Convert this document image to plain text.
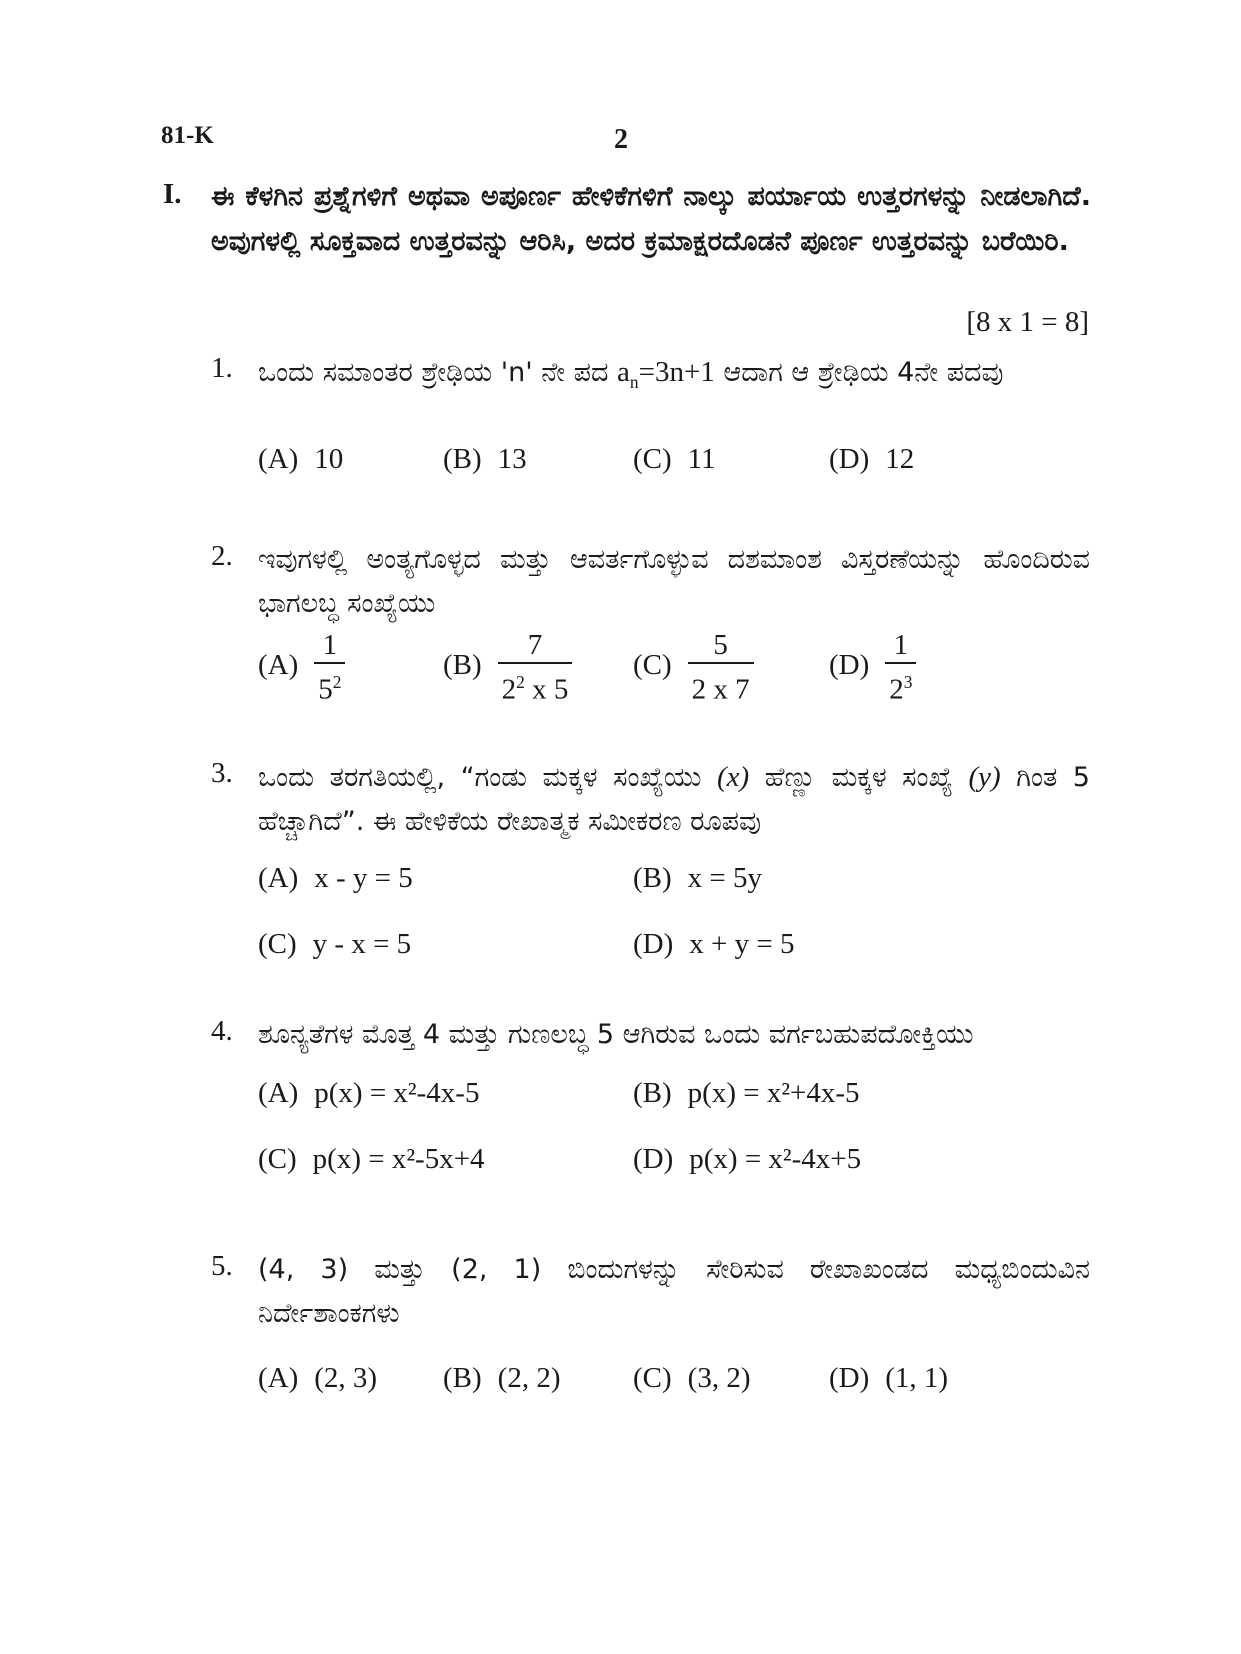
81-K	2
I. ಈ ಕೆಳಗಿನ ಪ್ರಶ್ನೆಗಳಿಗೆ ಅಥವಾ ಅಪೂರ್ಣ ಹೇಳಿಕೆಗಳಿಗೆ ನಾಲ್ಕು ಪರ್ಯಾಯ ಉತ್ತರಗಳನ್ನು ನೀಡಲಾಗಿದೆ. ಅವುಗಳಲ್ಲಿ ಸೂಕ್ತವಾದ ಉತ್ತರವನ್ನು ಆರಿಸಿ, ಅದರ ಕ್ರಮಾಕ್ಷರದೊಡನೆ ಪೂರ್ಣ ಉತ್ತರವನ್ನು ಬರೆಯಿರಿ.
[8 x 1 = 8]
1. ಒಂದು ಸಮಾಂತರ ಶ್ರೇಢಿಯ 'n' ನೇ ಪದ $a_n=3n+1$ ಆದಾಗ ಆ ಶ್ರೇಢಿಯ 4ನೇ ಪದವು
(A) 10	(B) 13	(C) 11	(D) 12
2. ಇವುಗಳಲ್ಲಿ ಅಂತ್ಯಗೊಳ್ಳದ ಮತ್ತು ಆವರ್ತಗೊಳ್ಳುವ ದಶಮಾಂಶ ವಿಸ್ತರಣೆಯನ್ನು ಹೊಂದಿರುವ ಭಾಗಲಬ್ಧ ಸಂಖ್ಯೆಯು
$(A) \frac{1}{5^2}$	$(B) \frac{7}{2^2 x 5} (C) \frac{5}{2 x 7}$	$(D) \frac{1}{2^3}$
3. ಒಂದು ತರಗತಿಯಲ್ಲಿ, “ಗಂಡು ಮಕ್ಕಳ ಸಂಖ್ಯೆಯು (x) ಹೆಣ್ಣು ಮಕ್ಕಳ ಸಂಖ್ಯೆ (y) ಗಿಂತ 5 ಹೆಚ್ಚಾಗಿದೆ”. ಈ ಹೇಳಿಕೆಯ ರೇಖಾತ್ಮಕ ಸಮೀಕರಣ ರೂಪವು
(A) x - y = 5	(B) x = 5y
(C) y - x = 5	(D) x + y = 5
4. ಶೂನ್ಯತೆಗಳ ಮೊತ್ತ 4 ಮತ್ತು ಗುಣಲಬ್ಧ 5 ಆಗಿರುವ ಒಂದು ವರ್ಗಬಹುಪದೋಕ್ತಿಯು
(A) p(x) = x²-4x-5	(B) p(x) = x²+4x-5
(C) p(x) = x²-5x+4	(D) p(x) = x²-4x+5
5. (4, 3) ಮತ್ತು (2, 1) ಬಿಂದುಗಳನ್ನು ಸೇರಿಸುವ ರೇಖಾಖಂಡದ ಮಧ್ಯಬಿಂದುವಿನ ನಿರ್ದೇಶಾಂಕಗಳು
(A) (2, 3) (B) (2, 2)	(C) (3, 2)	(D) (1, 1)
